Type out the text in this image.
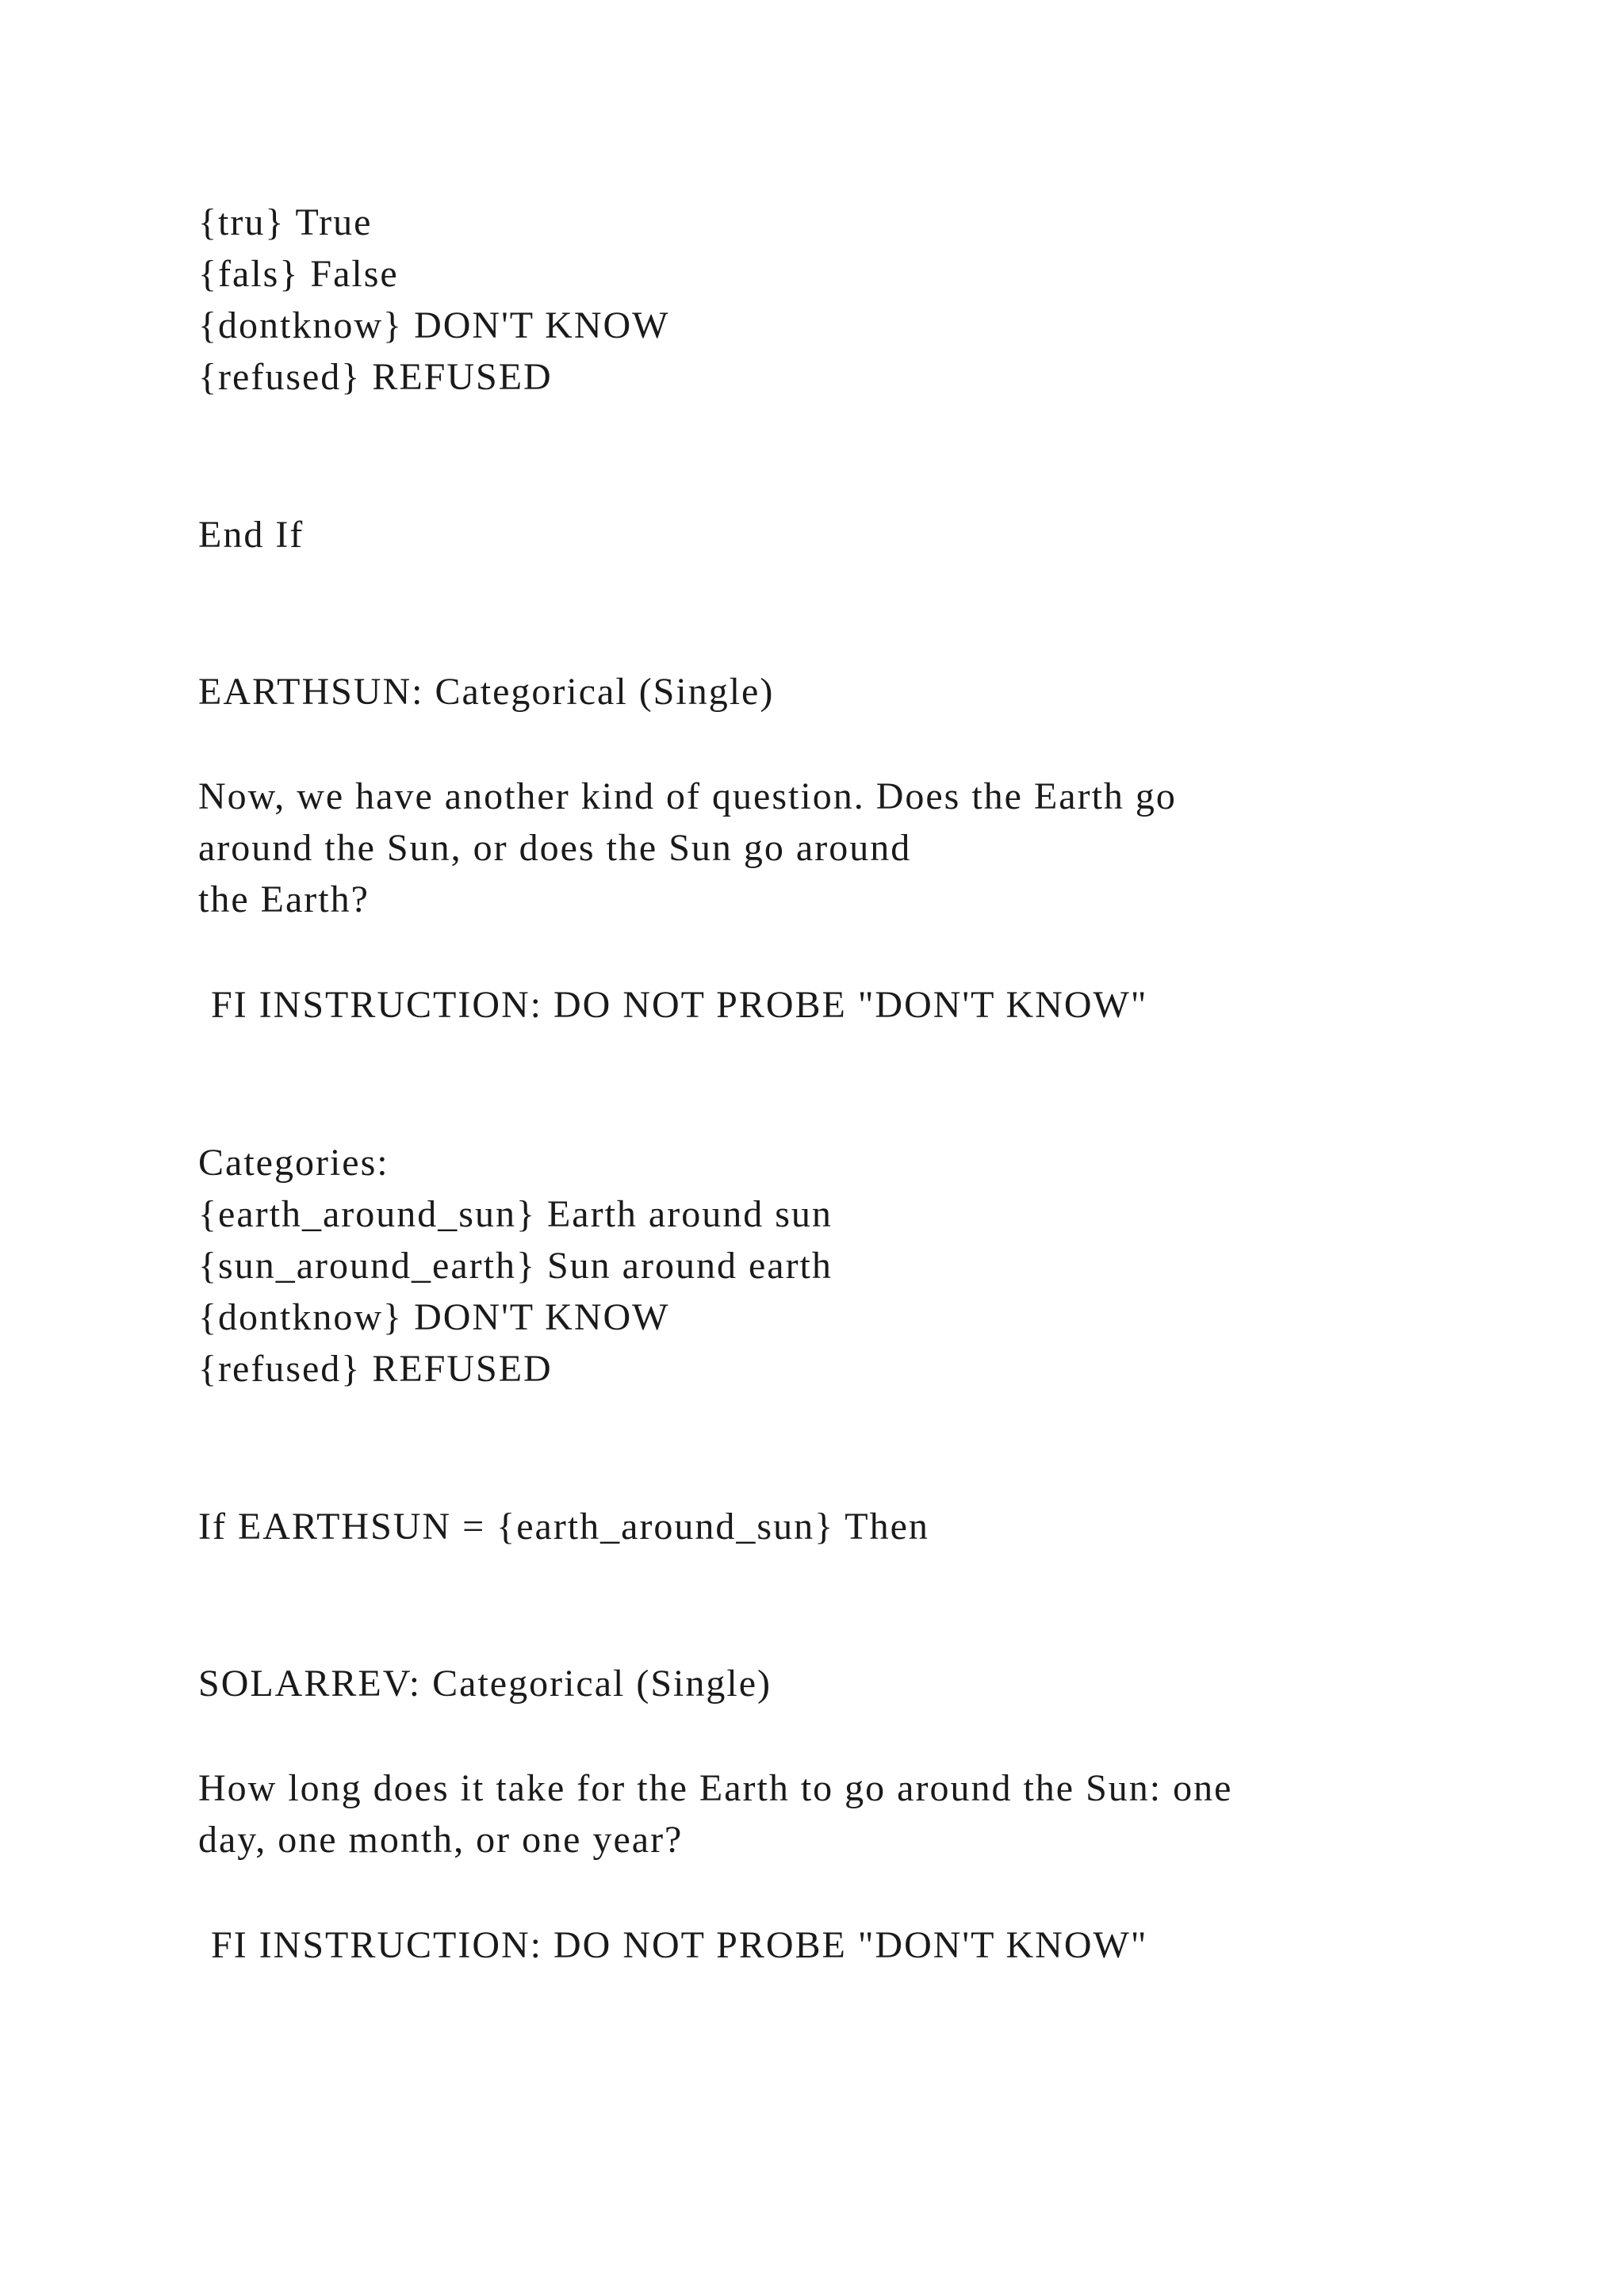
{tru} True
{fals} False
{dontknow} DON'T KNOW
{refused} REFUSED
End If
EARTHSUN: Categorical (Single)
Now, we have another kind of question. Does the Earth go
around the Sun, or does the Sun go around
the Earth?
FI INSTRUCTION: DO NOT PROBE "DON'T KNOW"
Categories:
{earth_around_sun} Earth around sun
{sun_around_earth} Sun around earth
{dontknow} DON'T KNOW
{refused} REFUSED
If EARTHSUN = {earth_around_sun} Then
SOLARREV: Categorical (Single)
How long does it take for the Earth to go around the Sun: one
day, one month, or one year?
FI INSTRUCTION: DO NOT PROBE "DON'T KNOW"
